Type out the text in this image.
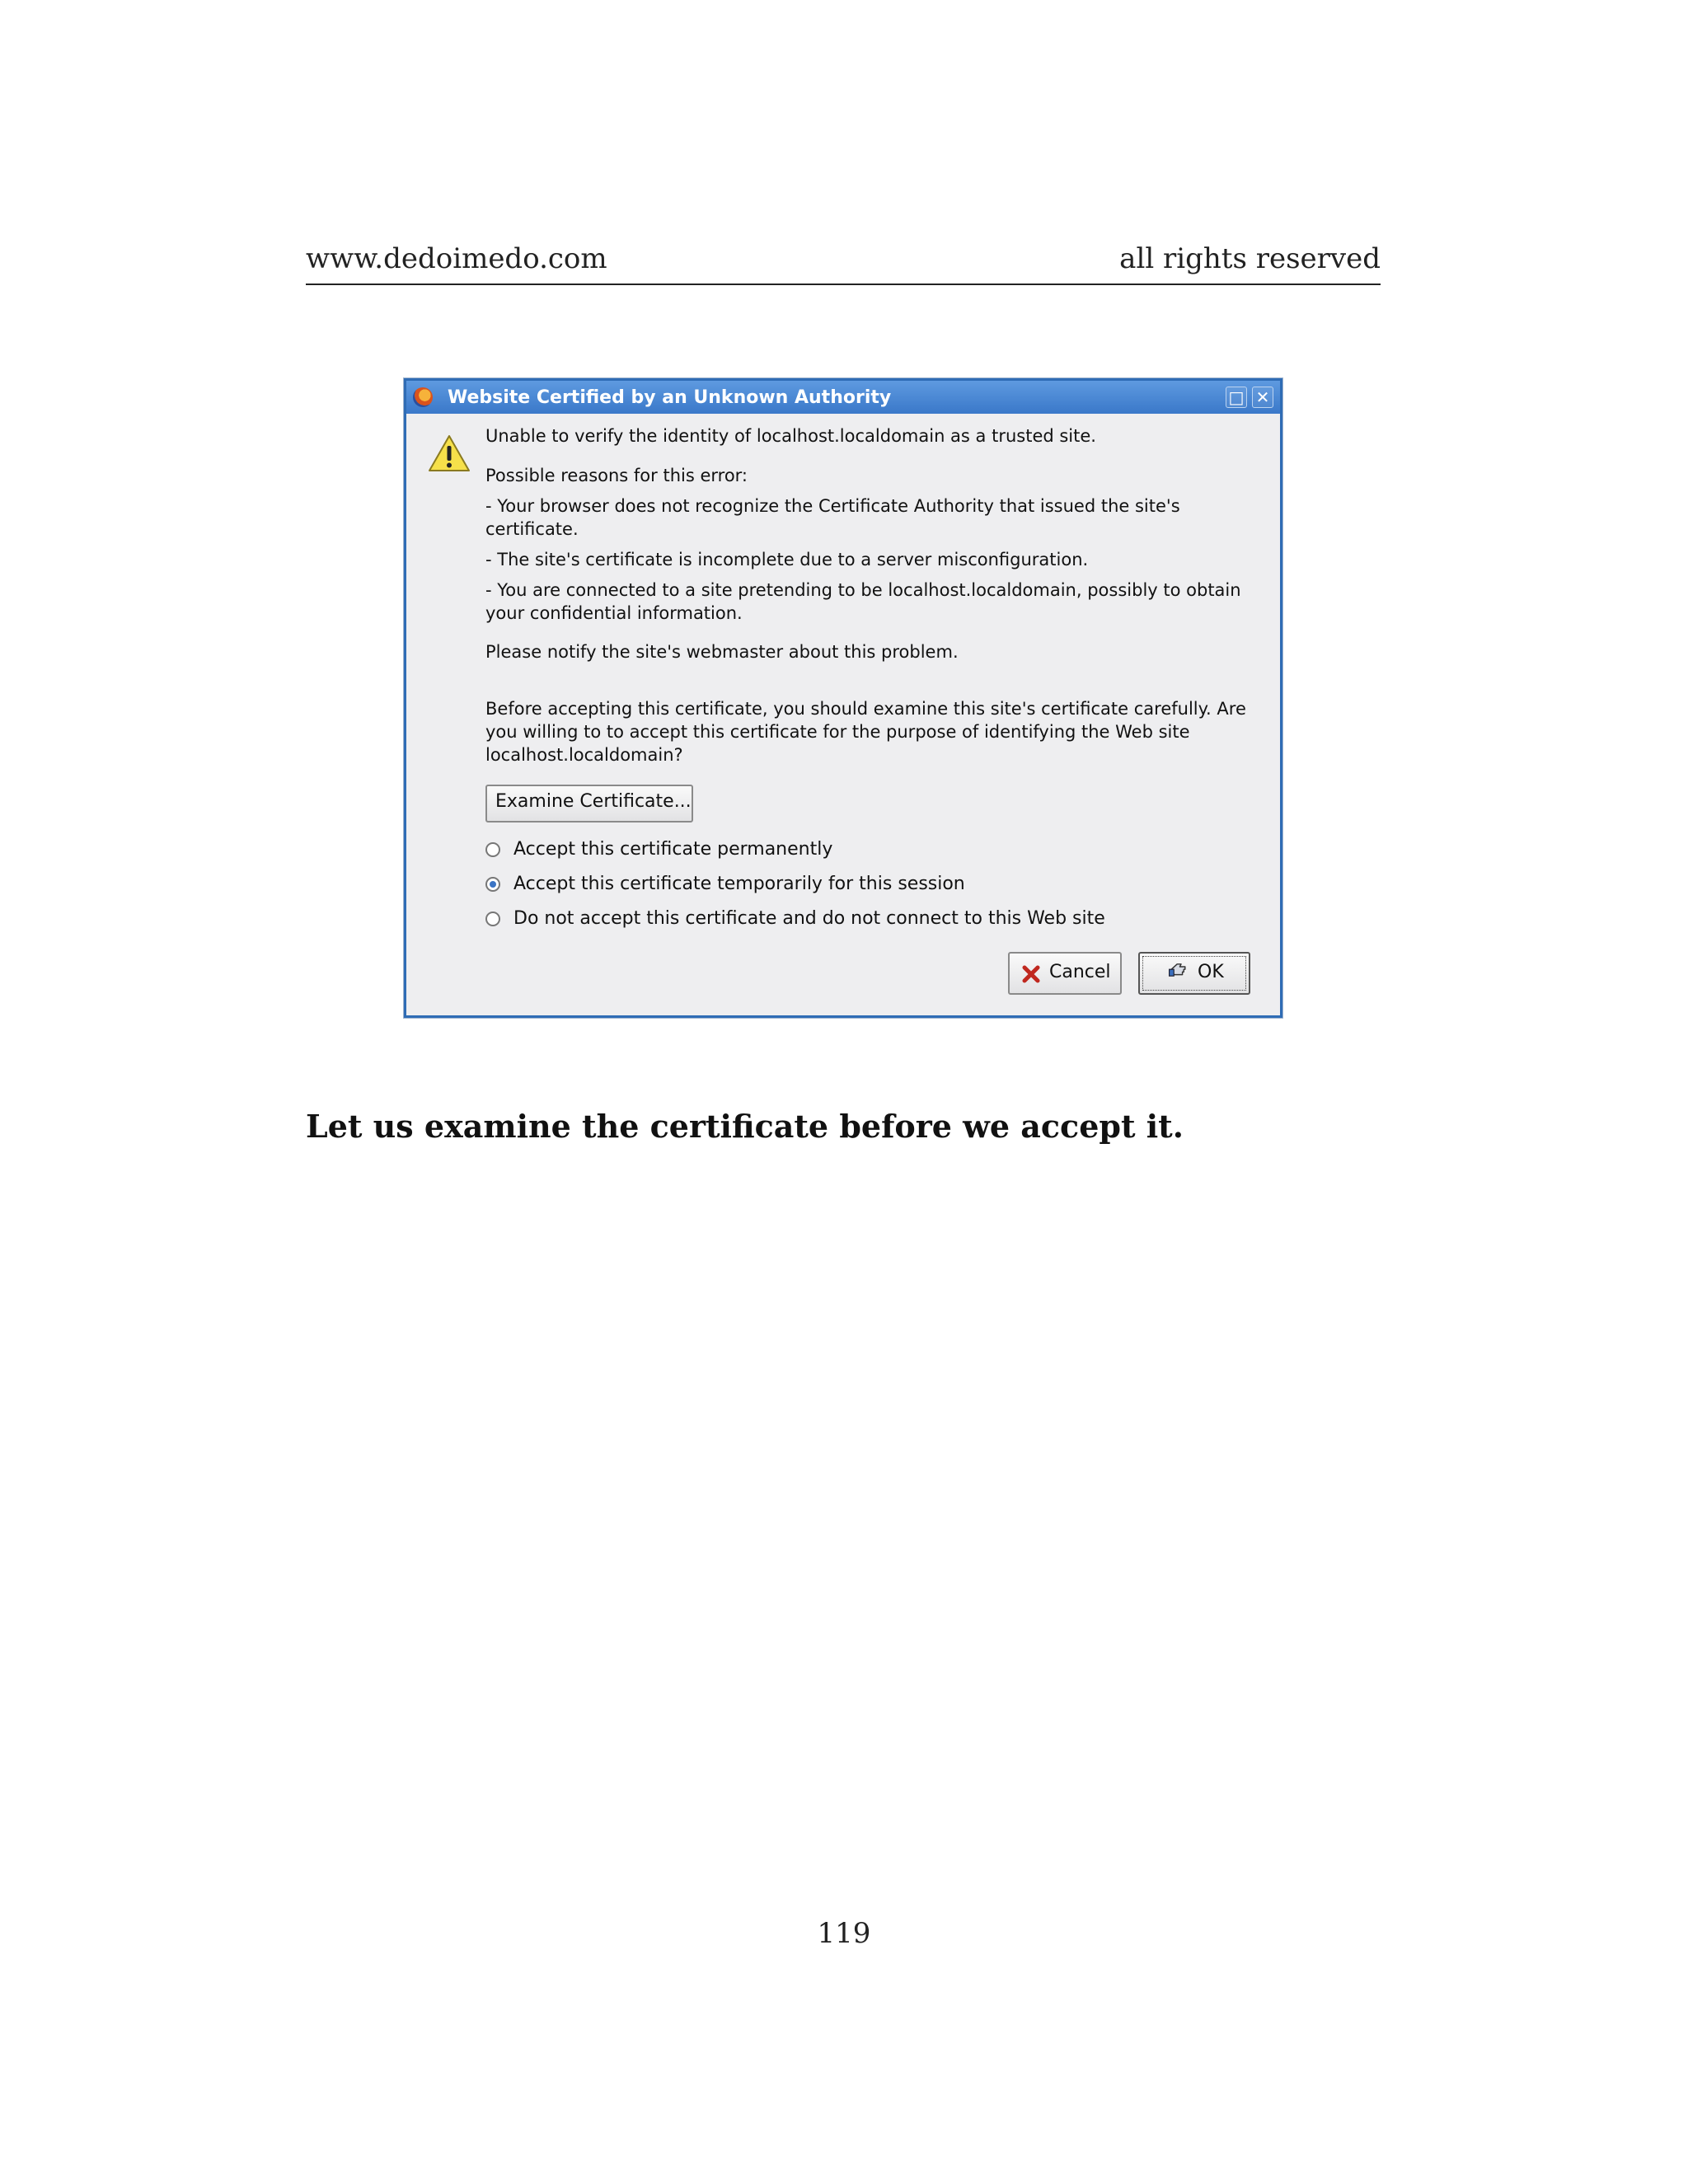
www.dedoimedo.com	all rights reserved
Website Certified by an Unknown Authority	□ ✕
Unable to verify the identity of localhost.localdomain as a trusted site.
Possible reasons for this error:
- Your browser does not recognize the Certificate Authority that issued the site's certificate.
- The site's certificate is incomplete due to a server misconfiguration.
- You are connected to a site pretending to be localhost.localdomain, possibly to obtain your confidential information.
Please notify the site's webmaster about this problem.
Before accepting this certificate, you should examine this site's certificate carefully. Are you willing to to accept this certificate for the purpose of identifying the Web site localhost.localdomain?
Examine Certificate...
Accept this certificate permanently
Accept this certificate temporarily for this session
Do not accept this certificate and do not connect to this Web site
Cancel	OK
Let us examine the certificate before we accept it.
119
